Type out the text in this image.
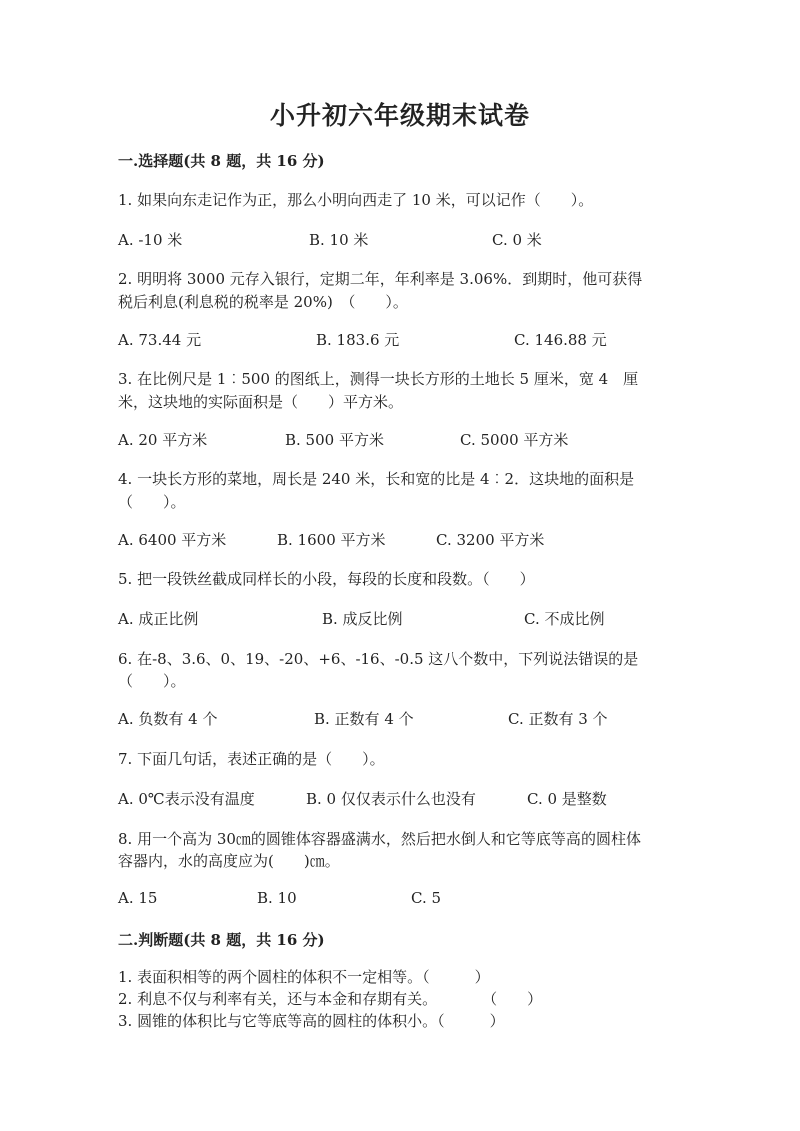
小升初六年级期末试卷
一.选择题(共 8 题，共 16 分)
1. 如果向东走记作为正，那么小明向西走了 10 米，可以记作（　　）。
A. -10 米	B. 10 米	C. 0 米
2. 明明将 3000 元存入银行，定期二年，年利率是 3.06%．到期时，他可获得
税后利息(利息税的税率是 20%)　（　　）。
A. 73.44 元	B. 183.6 元	C. 146.88 元
3. 在比例尺是 1︰500 的图纸上，测得一块长方形的土地长 5 厘米，宽 4　厘
米，这块地的实际面积是（　　）平方米。
A. 20 平方米	B. 500 平方米	C. 5000 平方米
4. 一块长方形的菜地，周长是 240 米，长和宽的比是 4︰2．这块地的面积是
（　　）。
A. 6400 平方米	B. 1600 平方米	C. 3200 平方米
5. 把一段铁丝截成同样长的小段，每段的长度和段数。（　　）
A. 成正比例	B. 成反比例	C. 不成比例
6. 在-8、3.6、0、19、-20、+6、-16、-0.5 这八个数中，下列说法错误的是
（　　）。
A. 负数有 4 个	B. 正数有 4 个	C. 正数有 3 个
7. 下面几句话，表述正确的是（　　）。
A. 0℃表示没有温度	B. 0 仅仅表示什么也没有	C. 0 是整数
8. 用一个高为 30㎝的圆锥体容器盛满水，然后把水倒人和它等底等高的圆柱体
容器内，水的高度应为(　　)㎝。
A. 15	B. 10	C. 5
二.判断题(共 8 题，共 16 分)
1. 表面积相等的两个圆柱的体积不一定相等。（　　　）
2. 利息不仅与利率有关，还与本金和存期有关。　　　　（　　）
3. 圆锥的体积比与它等底等高的圆柱的体积小。（　　　）
